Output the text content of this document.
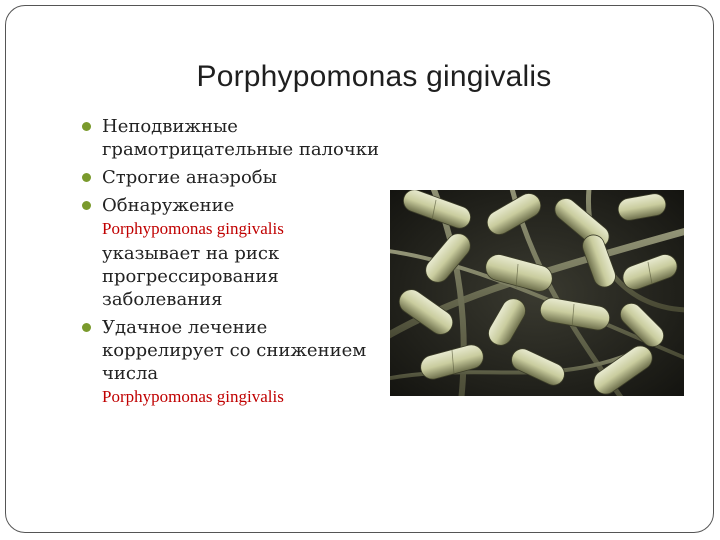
Porphypomonas gingivalis
Неподвижные грамотрицательные палочки
Строгие анаэробы
Обнаружение
Porphypomonas gingivalis
указывает на риск прогрессирования заболевания
Удачное лечение коррелирует со снижением числа
Porphypomonas gingivalis
